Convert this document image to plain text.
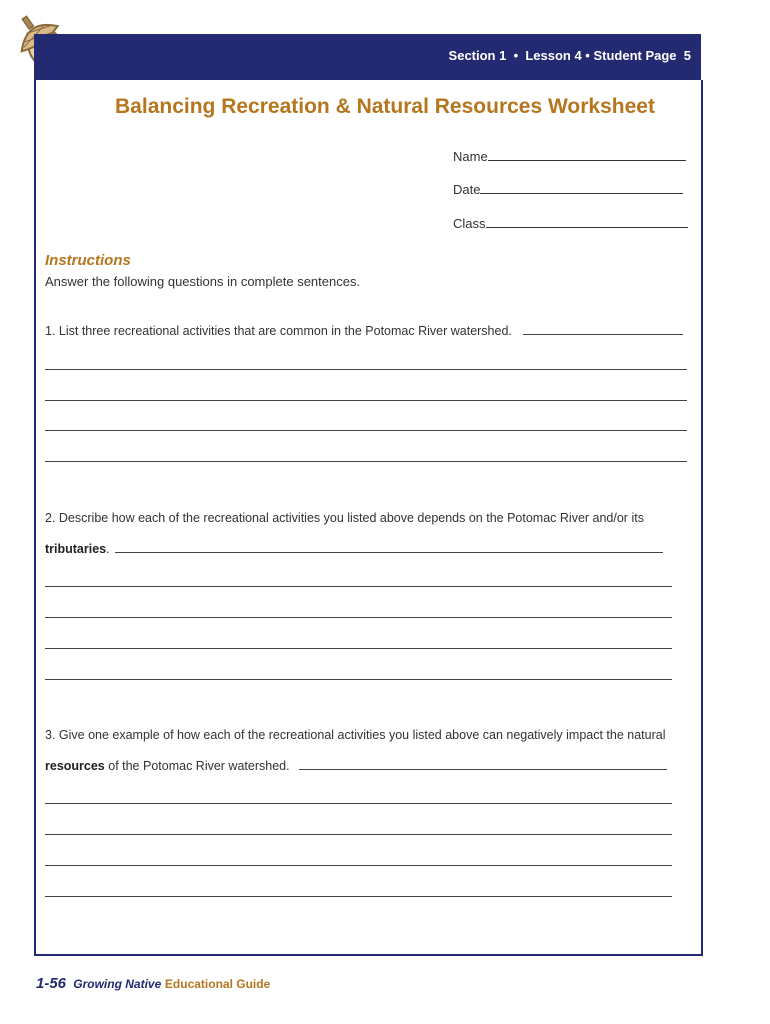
Section 1  •  Lesson 4 • Student Page  5
Balancing Recreation & Natural Resources Worksheet
Name
Date
Class
Instructions
Answer the following questions in complete sentences.
1. List three recreational activities that are common in the Potomac River watershed.
2. Describe how each of the recreational activities you listed above depends on the Potomac River and/or its
tributaries.
3. Give one example of how each of the recreational activities you listed above can negatively impact the natural
resources of the Potomac River watershed.
1-56 Growing Native Educational Guide
